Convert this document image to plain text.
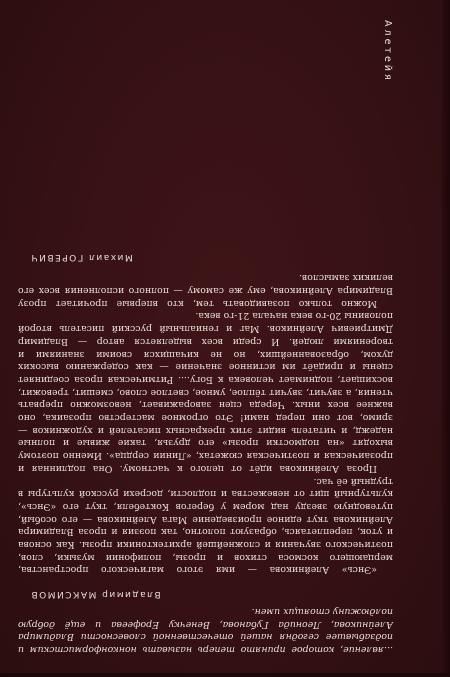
Алетейя

...явление, которое принято теперь называть нонконформистским и подзабывшее сегодня нашей отечественной словесности Владимира Алейникова, Леонида Губанова, Венечку Ерофеева и ещё добрую полдюжину стоящих имен.

Владимир МАКСИМОВ

«Энсь» Алейникова — имя этого магического пространства, мерцающего космоса стихов и прозы, полифонии музыки, слов, поэтического звучания и сложнейшей архитектоники прозы. Как основа и уток, переплетаясь, образуют полотно, так поэзия и проза Владимира Алейникова ткут единое произведение Мага Алейникова — его особый, путеводную звезду над морем у берегов Коктебеля, ткут его «Энсь», культурный щит от невежества и подлости, досрехи русской культуры в трудный её час.

Проза Алейникова идёт от целого к частному. Она подлинная и прозаическая и поэтическая сюжетах, «Линии сердца». Именно поэтому выходят «на подмостки прозы» его друзья, такие живые и полные надежд, и читатель видит этих прекрасных писателей и художников — зримо, вот они перед нами! Это огромное мастерство прозаика, оно важнее всех иных. Череда сцен завораживает, невозможно прервать чтения, а звучит, звучит тёплое, умное, светлое слово, смешит, тревожит, восхищает, поднимает человека к Богу.... Ритмическая проза соединяет сцены и придаёт им истинное значение — как содержанию высоких духом, образованнейших, но не кичащихся своими знаниями и творениями людей. И среди всех выделяется автор — Владимир Дмитриевич Алейников. Маг и гениальный русский писатель второй половины 20-го века начала 21-го века.

Можно только позавидовать тем, кто впервые прочитает прозу Владимира Алейникова, ему же самому — полного исполнения всех его великих замыслов.

Михаил ГОРЕВИЧ
